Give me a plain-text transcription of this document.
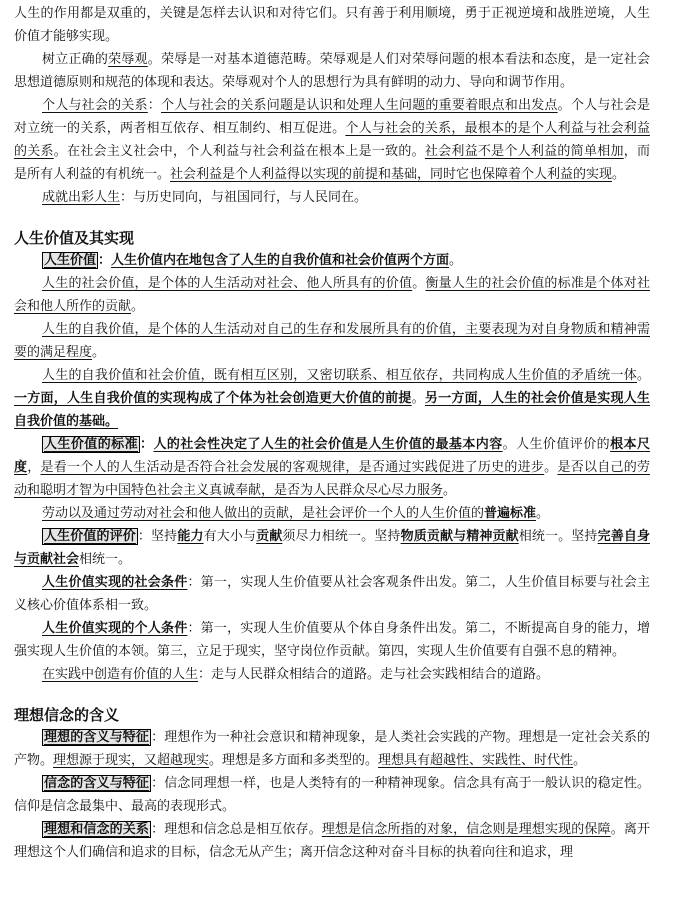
人生的作用都是双重的，关键是怎样去认识和对待它们。只有善于利用顺境，勇于正视逆境和战胜逆境，人生价值才能够实现。

树立正确的荣辱观。荣辱是一对基本道德范畴。荣辱观是人们对荣辱问题的根本看法和态度，是一定社会思想道德原则和规范的体现和表达。荣辱观对个人的思想行为具有鲜明的动力、导向和调节作用。

个人与社会的关系：个人与社会的关系问题是认识和处理人生问题的重要着眼点和出发点。个人与社会是对立统一的关系，两者相互依存、相互制约、相互促进。个人与社会的关系，最根本的是个人利益与社会利益的关系。在社会主义社会中，个人利益与社会利益在根本上是一致的。社会利益不是个人利益的简单相加，而是所有人利益的有机统一。社会利益是个人利益得以实现的前提和基础，同时它也保障着个人利益的实现。

成就出彩人生：与历史同向，与祖国同行，与人民同在。

人生价值及其实现

人生价值 ：人生价值内在地包含了人生的自我价值和社会价值两个方面。

人生的社会价值，是个体的人生活动对社会、他人所具有的价值。衡量人生的社会价值的标准是个体对社会和他人所作的贡献。

人生的自我价值，是个体的人生活动对自己的生存和发展所具有的价值，主要表现为对自身物质和精神需要的满足程度。

人生的自我价值和社会价值，既有相互区别，又密切联系、相互依存，共同构成人生价值的矛盾统一体。一方面，人生自我价值的实现构成了个体为社会创造更大价值的前提。另一方面，人生的社会价值是实现人生自我价值的基础。

人生价值的标准 ：人的社会性决定了人生的社会价值是人生价值的最基本内容。人生价值评价的根本尺度，是看一个人的人生活动是否符合社会发展的客观规律，是否通过实践促进了历史的进步。是否以自己的劳动和聪明才智为中国特色社会主义真诚奉献，是否为人民群众尽心尽力服务。

劳动以及通过劳动对社会和他人做出的贡献，是社会评价一个人的人生价值的普遍标准。

人生价值的评价 ：坚持能力有大小与贡献须尽力相统一。坚持物质贡献与精神贡献相统一。坚持完善自身与贡献社会相统一。

人生价值实现的社会条件：第一，实现人生价值要从社会客观条件出发。第二，人生价值目标要与社会主义核心价值体系相一致。

人生价值实现的个人条件：第一，实现人生价值要从个体自身条件出发。第二，不断提高自身的能力，增强实现人生价值的本领。第三，立足于现实，坚守岗位作贡献。第四，实现人生价值要有自强不息的精神。

在实践中创造有价值的人生：走与人民群众相结合的道路。走与社会实践相结合的道路。

理想信念的含义

理想的含义与特征 ：理想作为一种社会意识和精神现象，是人类社会实践的产物。理想是一定社会关系的产物。理想源于现实，又超越现实。理想是多方面和多类型的。理想具有超越性、实践性、时代性。

信念的含义与特征 ：信念同理想一样，也是人类特有的一种精神现象。信念具有高于一般认识的稳定性。信仰是信念最集中、最高的表现形式。

理想和信念的关系 ：理想和信念总是相互依存。理想是信念所指的对象，信念则是理想实现的保障。离开理想这个人们确信和追求的目标，信念无从产生；离开信念这种对奋斗目标的执着向往和追求，理
